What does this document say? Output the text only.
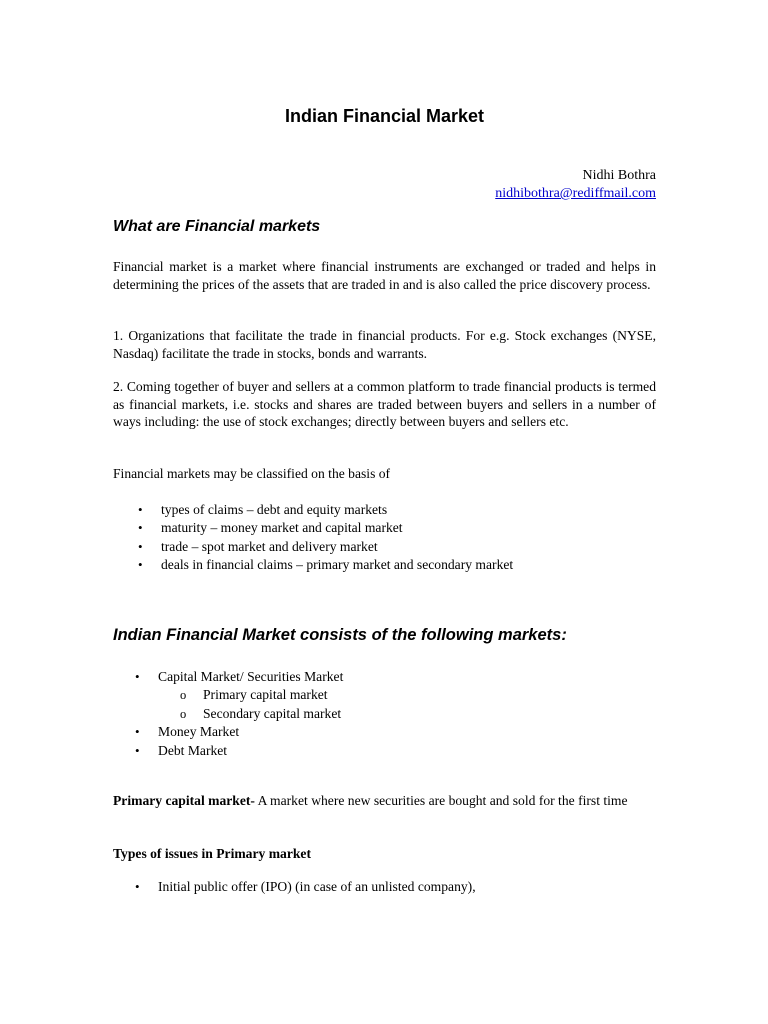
Indian Financial Market
Nidhi Bothra
nidhibothra@rediffmail.com
What are Financial markets

Financial market is a market where financial instruments are exchanged or traded and helps in determining the prices of the assets that are traded in and is also called the price discovery process.

1. Organizations that facilitate the trade in financial products. For e.g. Stock exchanges (NYSE, Nasdaq) facilitate the trade in stocks, bonds and warrants.

2. Coming together of buyer and sellers at a common platform to trade financial products is termed as financial markets, i.e. stocks and shares are traded between buyers and sellers in a number of ways including: the use of stock exchanges; directly between buyers and sellers etc.

Financial markets may be classified on the basis of

• types of claims – debt and equity markets
• maturity – money market and capital market
• trade – spot market and delivery market
• deals in financial claims – primary market and secondary market
Indian Financial Market consists of the following markets:
• Capital Market/ Securities Market
o Primary capital market
o Secondary capital market
• Money Market
• Debt Market

Primary capital market- A market where new securities are bought and sold for the first time

Types of issues in Primary market

• Initial public offer (IPO) (in case of an unlisted company),
